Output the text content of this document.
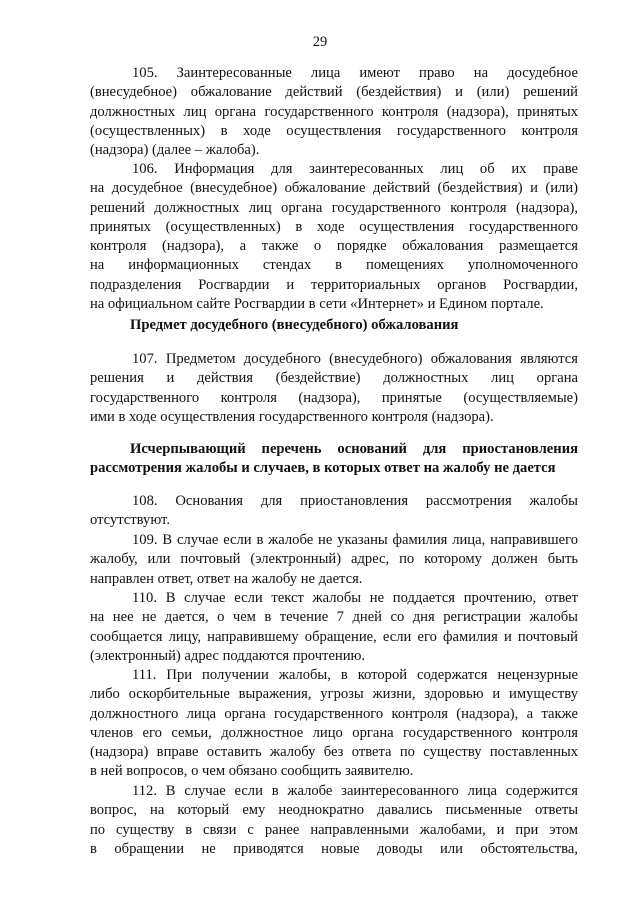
29
105. Заинтересованные лица имеют право на досудебное
(внесудебное) обжалование действий (бездействия) и (или) решений
должностных лиц органа государственного контроля (надзора), принятых
(осуществленных) в ходе осуществления государственного контроля
(надзора) (далее – жалоба).
106. Информация для заинтересованных лиц об их праве
на досудебное (внесудебное) обжалование действий (бездействия) и (или)
решений должностных лиц органа государственного контроля (надзора),
принятых (осуществленных) в ходе осуществления государственного
контроля (надзора), а также о порядке обжалования размещается
на информационных стендах в помещениях уполномоченного
подразделения Росгвардии и территориальных органов Росгвардии,
на официальном сайте Росгвардии в сети «Интернет» и Едином портале.
Предмет досудебного (внесудебного) обжалования
107. Предметом досудебного (внесудебного) обжалования являются
решения и действия (бездействие) должностных лиц органа
государственного контроля (надзора), принятые (осуществляемые)
ими в ходе осуществления государственного контроля (надзора).
Исчерпывающий перечень оснований для приостановления
рассмотрения жалобы и случаев, в которых ответ на жалобу не дается
108. Основания для приостановления рассмотрения жалобы
отсутствуют.
109. В случае если в жалобе не указаны фамилия лица, направившего
жалобу, или почтовый (электронный) адрес, по которому должен быть
направлен ответ, ответ на жалобу не дается.
110. В случае если текст жалобы не поддается прочтению, ответ
на нее не дается, о чем в течение 7 дней со дня регистрации жалобы
сообщается лицу, направившему обращение, если его фамилия и почтовый
(электронный) адрес поддаются прочтению.
111. При получении жалобы, в которой содержатся нецензурные
либо оскорбительные выражения, угрозы жизни, здоровью и имуществу
должностного лица органа государственного контроля (надзора), а также
членов его семьи, должностное лицо органа государственного контроля
(надзора) вправе оставить жалобу без ответа по существу поставленных
в ней вопросов, о чем обязано сообщить заявителю.
112. В случае если в жалобе заинтересованного лица содержится
вопрос, на который ему неоднократно давались письменные ответы
по существу в связи с ранее направленными жалобами, и при этом
в обращении не приводятся новые доводы или обстоятельства,
